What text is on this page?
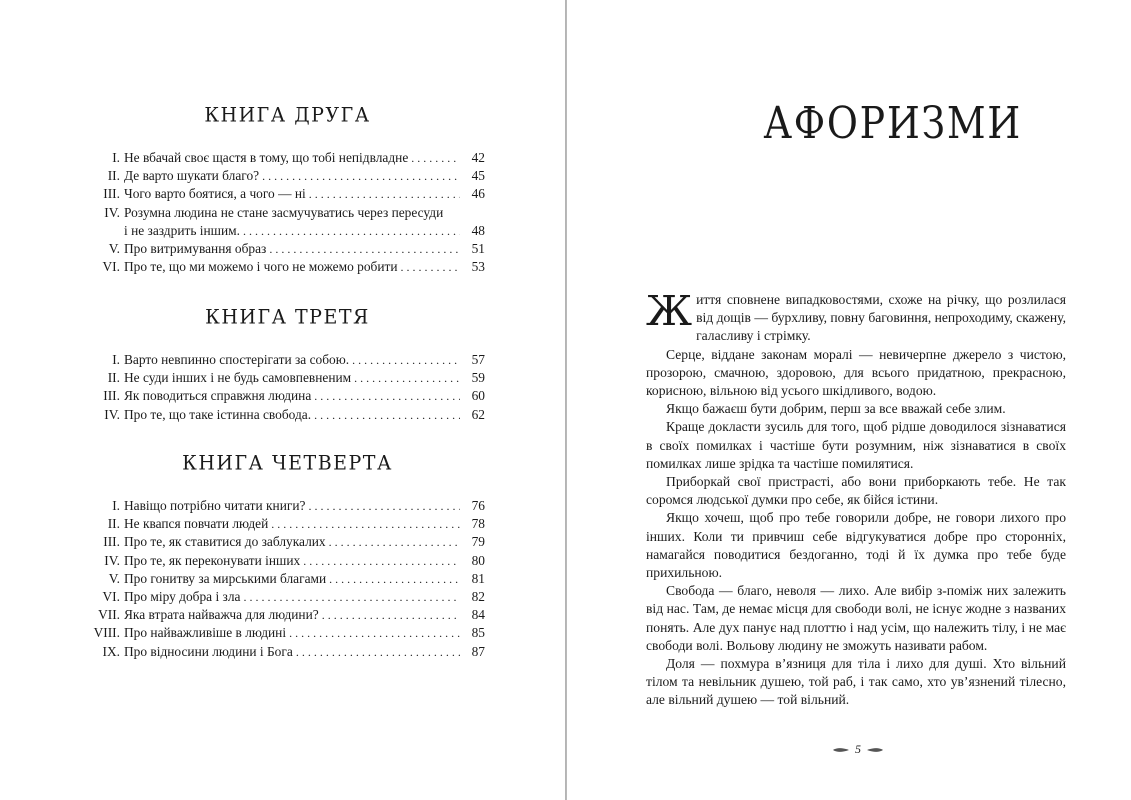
КНИГА ДРУГА
I. Не вбачай своє щастя в тому, що тобі непідвладне . . .	42
II. Де варто шукати благо? . . .	45
III. Чого варто боятися, а чого — ні . . .	46
IV. Розумна людина не стане засмучуватись через пересуди
і не заздрить іншим. . . .	48
V. Про витримування образ . . .	51
VI. Про те, що ми можемо і чого не можемо робити . . .	53
КНИГА ТРЕТЯ
I. Варто невпинно спостерігати за собою. . . .	57
II. Не суди інших і не будь самовпевненим . . .	59
III. Як поводиться справжня людина . . .	60
IV. Про те, що таке істинна свобода. . . .	62
КНИГА ЧЕТВЕРТА
I. Навіщо потрібно читати книги? . . .	76
II. Не квапся повчати людей . . .	78
III. Про те, як ставитися до заблукалих . . .	79
IV. Про те, як переконувати інших . . .	80
V. Про гонитву за мирськими благами . . .	81
VI. Про міру добра і зла . . .	82
VII. Яка втрата найважча для людини? . . .	84
VIII. Про найважливіше в людині . . .	85
IX. Про відносини людини і Бога . . .	87
АФОРИЗМИ

Життя сповнене випадковостями, схоже на річку, що розлилася від дощів — бурхливу, повну баговиння, непроходиму, скажену, галасливу і стрімку.

Серце, віддане законам моралі — невичерпне джерело з чистою, прозорою, смачною, здоровою, для всього придатною, прекрасною, корисною, вільною від усього шкідливого, водою.

Якщо бажаєш бути добрим, перш за все вважай себе злим.

Краще докласти зусиль для того, щоб рідше доводилося зізнаватися в своїх помилках і частіше бути розумним, ніж зізнаватися в своїх помилках лише зрідка та частіше помилятися.

Приборкай свої пристрасті, або вони приборкають тебе. Не так соромся людської думки про себе, як бійся істини.

Якщо хочеш, щоб про тебе говорили добре, не говори лихого про інших. Коли ти привчиш себе відгукуватися добре про сторонніх, намагайся поводитися бездоганно, тоді й їх думка про тебе буде прихильною.

Свобода — благо, неволя — лихо. Але вибір з-поміж них залежить від нас. Там, де немає місця для свободи волі, не існує жодне з названих понять. Але дух панує над плоттю і над усім, що належить тілу, і не має свободи волі. Вольову людину не зможуть називати рабом.

Доля — похмура в’язниця для тіла і лихо для душі. Хто вільний тілом та невільник душею, той раб, і так само, хто ув’язнений тілесно, але вільний душею — той вільний.

5
